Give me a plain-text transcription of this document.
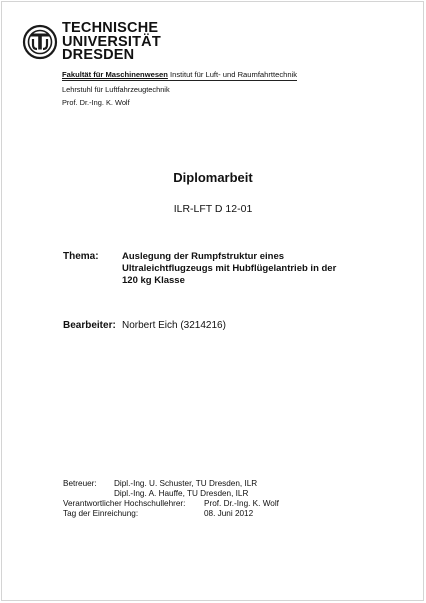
TECHNISCHE
UNIVERSITÄT
DRESDEN
Fakultät für Maschinenwesen Institut für Luft- und Raumfahrttechnik
Lehrstuhl für Luftfahrzeugtechnik
Prof. Dr.-Ing. K. Wolf
Diplomarbeit
ILR-LFT D 12-01
Thema: Auslegung der Rumpfstruktur eines
Ultraleichtflugzeugs mit Hubflügelantrieb in der
120 kg Klasse
Bearbeiter: Norbert Eich (3214216)
Betreuer: Dipl.-Ing. U. Schuster, TU Dresden, ILR
Dipl.-Ing. A. Hauffe, TU Dresden, ILR
Verantwortlicher Hochschullehrer: Prof. Dr.-Ing. K. Wolf
Tag der Einreichung:	08. Juni 2012
